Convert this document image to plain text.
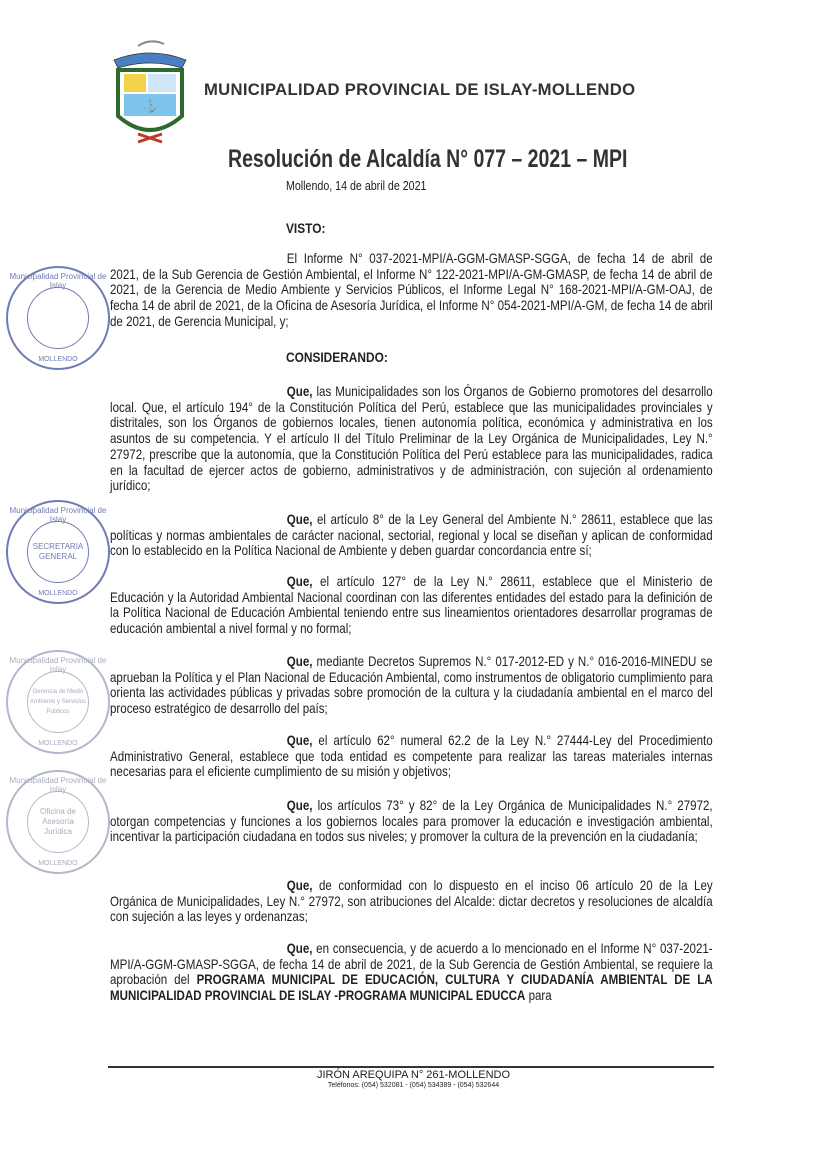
⚓
MUNICIPALIDAD PROVINCIAL DE ISLAY-MOLLENDO
Resolución de Alcaldía N° 077 – 2021 – MPI
Mollendo, 14 de abril de 2021
VISTO:
El Informe N° 037-2021-MPI/A-GGM-GMASP-SGGA, de fecha 14 de abril de 2021, de la Sub Gerencia de Gestión Ambiental, el Informe N° 122-2021-MPI/A-GM-GMASP, de fecha 14 de abril de 2021, de la Gerencia de Medio Ambiente y Servicios Públicos, el Informe Legal N° 168-2021-MPI/A-GM-OAJ, de fecha 14 de abril de 2021, de la Oficina de Asesoría Jurídica, el Informe N° 054-2021-MPI/A-GM, de fecha 14 de abril de 2021, de Gerencia Municipal, y;
CONSIDERANDO:
Que, las Municipalidades son los Órganos de Gobierno promotores del desarrollo local. Que, el artículo 194° de la Constitución Política del Perú, establece que las municipalidades provinciales y distritales, son los Órganos de gobiernos locales, tienen autonomía política, económica y administrativa en los asuntos de su competencia. Y el artículo II del Título Preliminar de la Ley Orgánica de Municipalidades, Ley N.° 27972, prescribe que la autonomía, que la Constitución Política del Perú establece para las municipalidades, radica en la facultad de ejercer actos de gobierno, administrativos y de administración, con sujeción al ordenamiento jurídico;
Que, el artículo 8° de la Ley General del Ambiente N.° 28611, establece que las políticas y normas ambientales de carácter nacional, sectorial, regional y local se diseñan y aplican de conformidad con lo establecido en la Política Nacional de Ambiente y deben guardar concordancia entre sí;
Que, el artículo 127° de la Ley N.° 28611, establece que el Ministerio de Educación y la Autoridad Ambiental Nacional coordinan con las diferentes entidades del estado para la definición de la Política Nacional de Educación Ambiental teniendo entre sus lineamientos orientadores desarrollar programas de educación ambiental a nivel formal y no formal;
Que, mediante Decretos Supremos N.° 017-2012-ED y N.° 016-2016-MINEDU se aprueban la Política y el Plan Nacional de Educación Ambiental, como instrumentos de obligatorio cumplimiento para orienta las actividades públicas y privadas sobre promoción de la cultura y la ciudadanía ambiental en el marco del proceso estratégico de desarrollo del país;
Que, el artículo 62° numeral 62.2 de la Ley N.° 27444-Ley del Procedimiento Administrativo General, establece que toda entidad es competente para realizar las tareas materiales internas necesarias para el eficiente cumplimiento de su misión y objetivos;
Que, los artículos 73° y 82° de la Ley Orgánica de Municipalidades N.° 27972, otorgan competencias y funciones a los gobiernos locales para promover la educación e investigación ambiental, incentivar la participación ciudadana en todos sus niveles; y promover la cultura de la prevención en la ciudadanía;
Que, de conformidad con lo dispuesto en el inciso 06 artículo 20 de la Ley Orgánica de Municipalidades, Ley N.° 27972, son atribuciones del Alcalde: dictar decretos y resoluciones de alcaldía con sujeción a las leyes y ordenanzas;
Que, en consecuencia, y de acuerdo a lo mencionado en el Informe N° 037-2021-MPI/A-GGM-GMASP-SGGA, de fecha 14 de abril de 2021, de la Sub Gerencia de Gestión Ambiental, se requiere la aprobación del PROGRAMA MUNICIPAL DE EDUCACIÓN, CULTURA Y CIUDADANÍA AMBIENTAL DE LA MUNICIPALIDAD PROVINCIAL DE ISLAY -PROGRAMA MUNICIPAL EDUCCA para
Municipalidad Provincial de Islay
MOLLENDO
Municipalidad Provincial de Islay
SECRETARIA GENERAL
MOLLENDO
Municipalidad Provincial de Islay
Gerencia de Medio Ambiente y Servicios Públicos
MOLLENDO
Municipalidad Provincial de Islay
Oficina de Asesoría Jurídica
MOLLENDO
JIRÓN AREQUIPA N° 261-MOLLENDO
Teléfonos: (054) 532081 - (054) 534389 - (054) 532644
